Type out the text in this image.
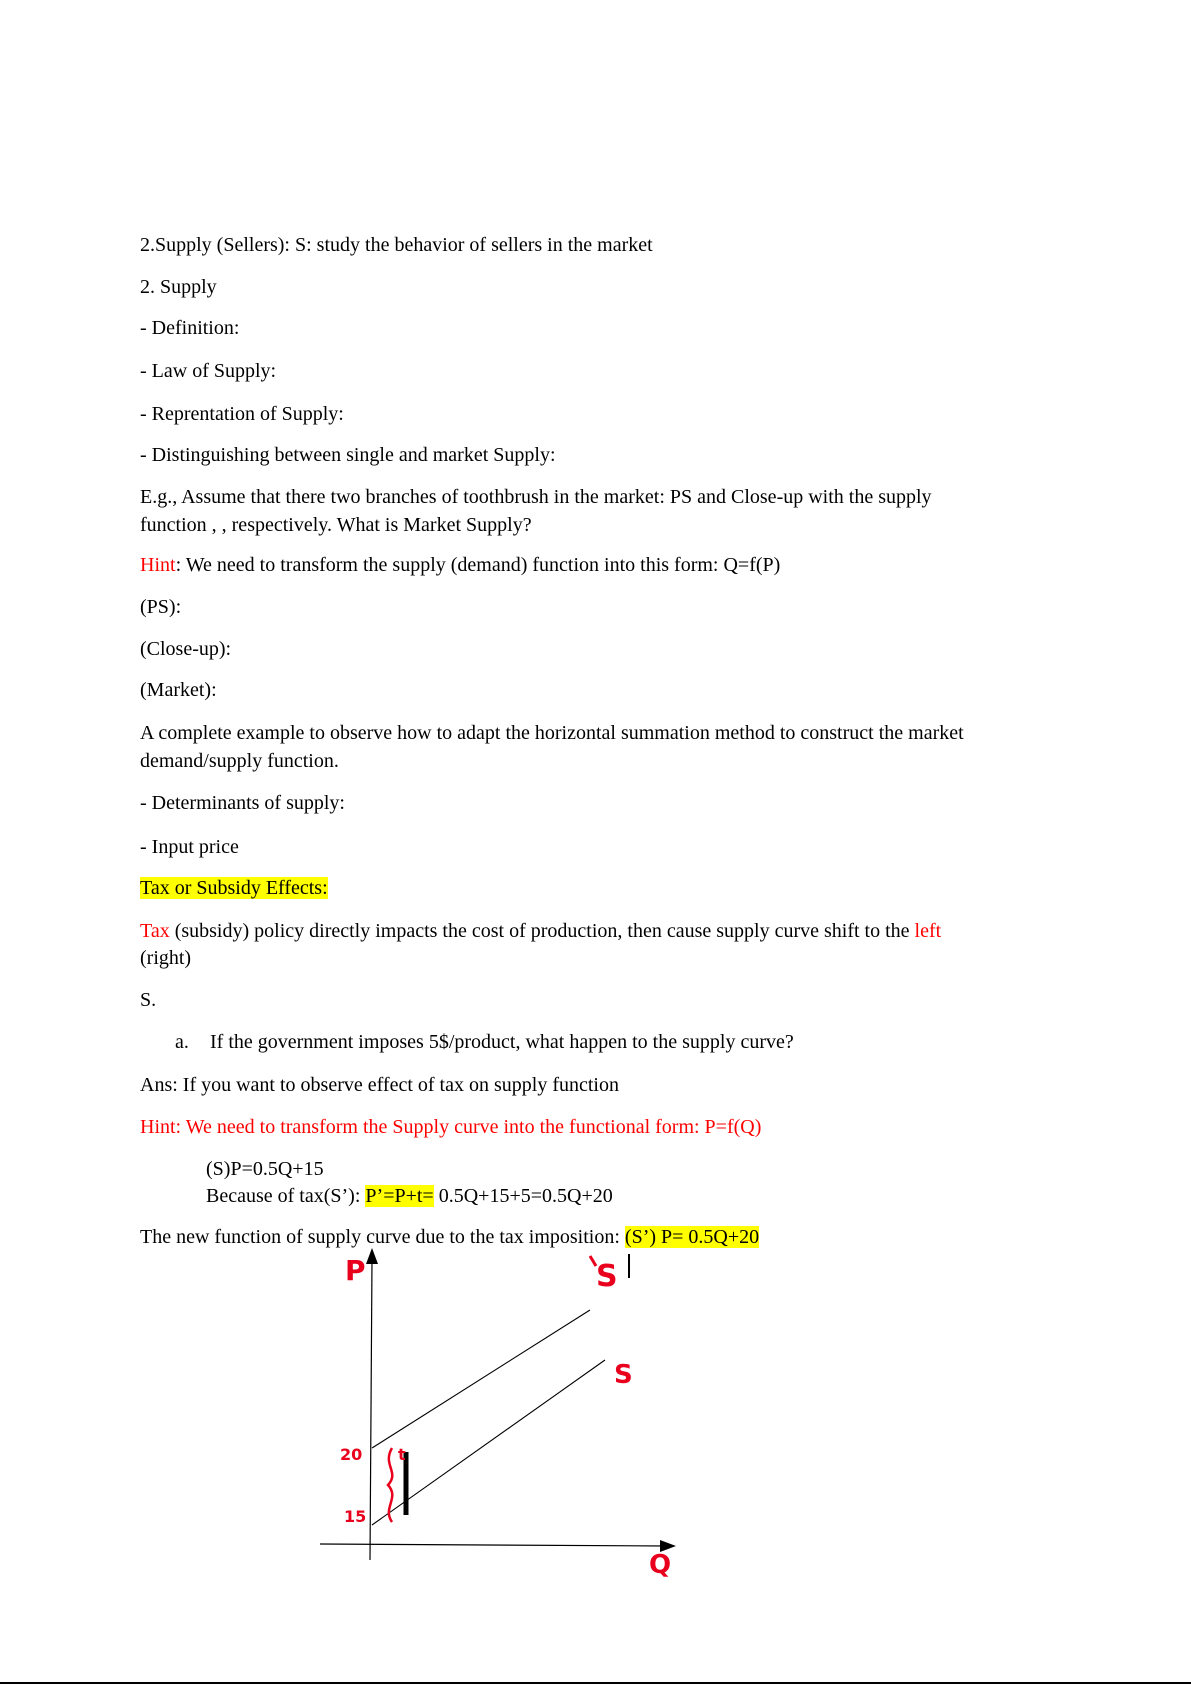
2.Supply (Sellers): S: study the behavior of sellers in the market
2. Supply
- Definition:
- Law of Supply:
- Reprentation of Supply:
- Distinguishing between single and market Supply:
E.g., Assume that there two branches of toothbrush in the market: PS and Close-up with the supply
function , , respectively. What is Market Supply?
Hint: We need to transform the supply (demand) function into this form: Q=f(P)
(PS):
(Close-up):
(Market):
A complete example to observe how to adapt the horizontal summation method to construct the market
demand/supply function.
- Determinants of supply:
- Input price
Tax or Subsidy Effects:
Tax (subsidy) policy directly impacts the cost of production, then cause supply curve shift to the left
(right)
S.
a. If the government imposes 5$/product, what happen to the supply curve?
Ans: If you want to observe effect of tax on supply function
Hint: We need to transform the Supply curve into the functional form: P=f(Q)
(S)P=0.5Q+15
Because of tax(S’): P’=P+t= 0.5Q+15+5=0.5Q+20
The new function of supply curve due to the tax imposition: (S’) P= 0.5Q+20
P
Q
S
S
20
15
t
